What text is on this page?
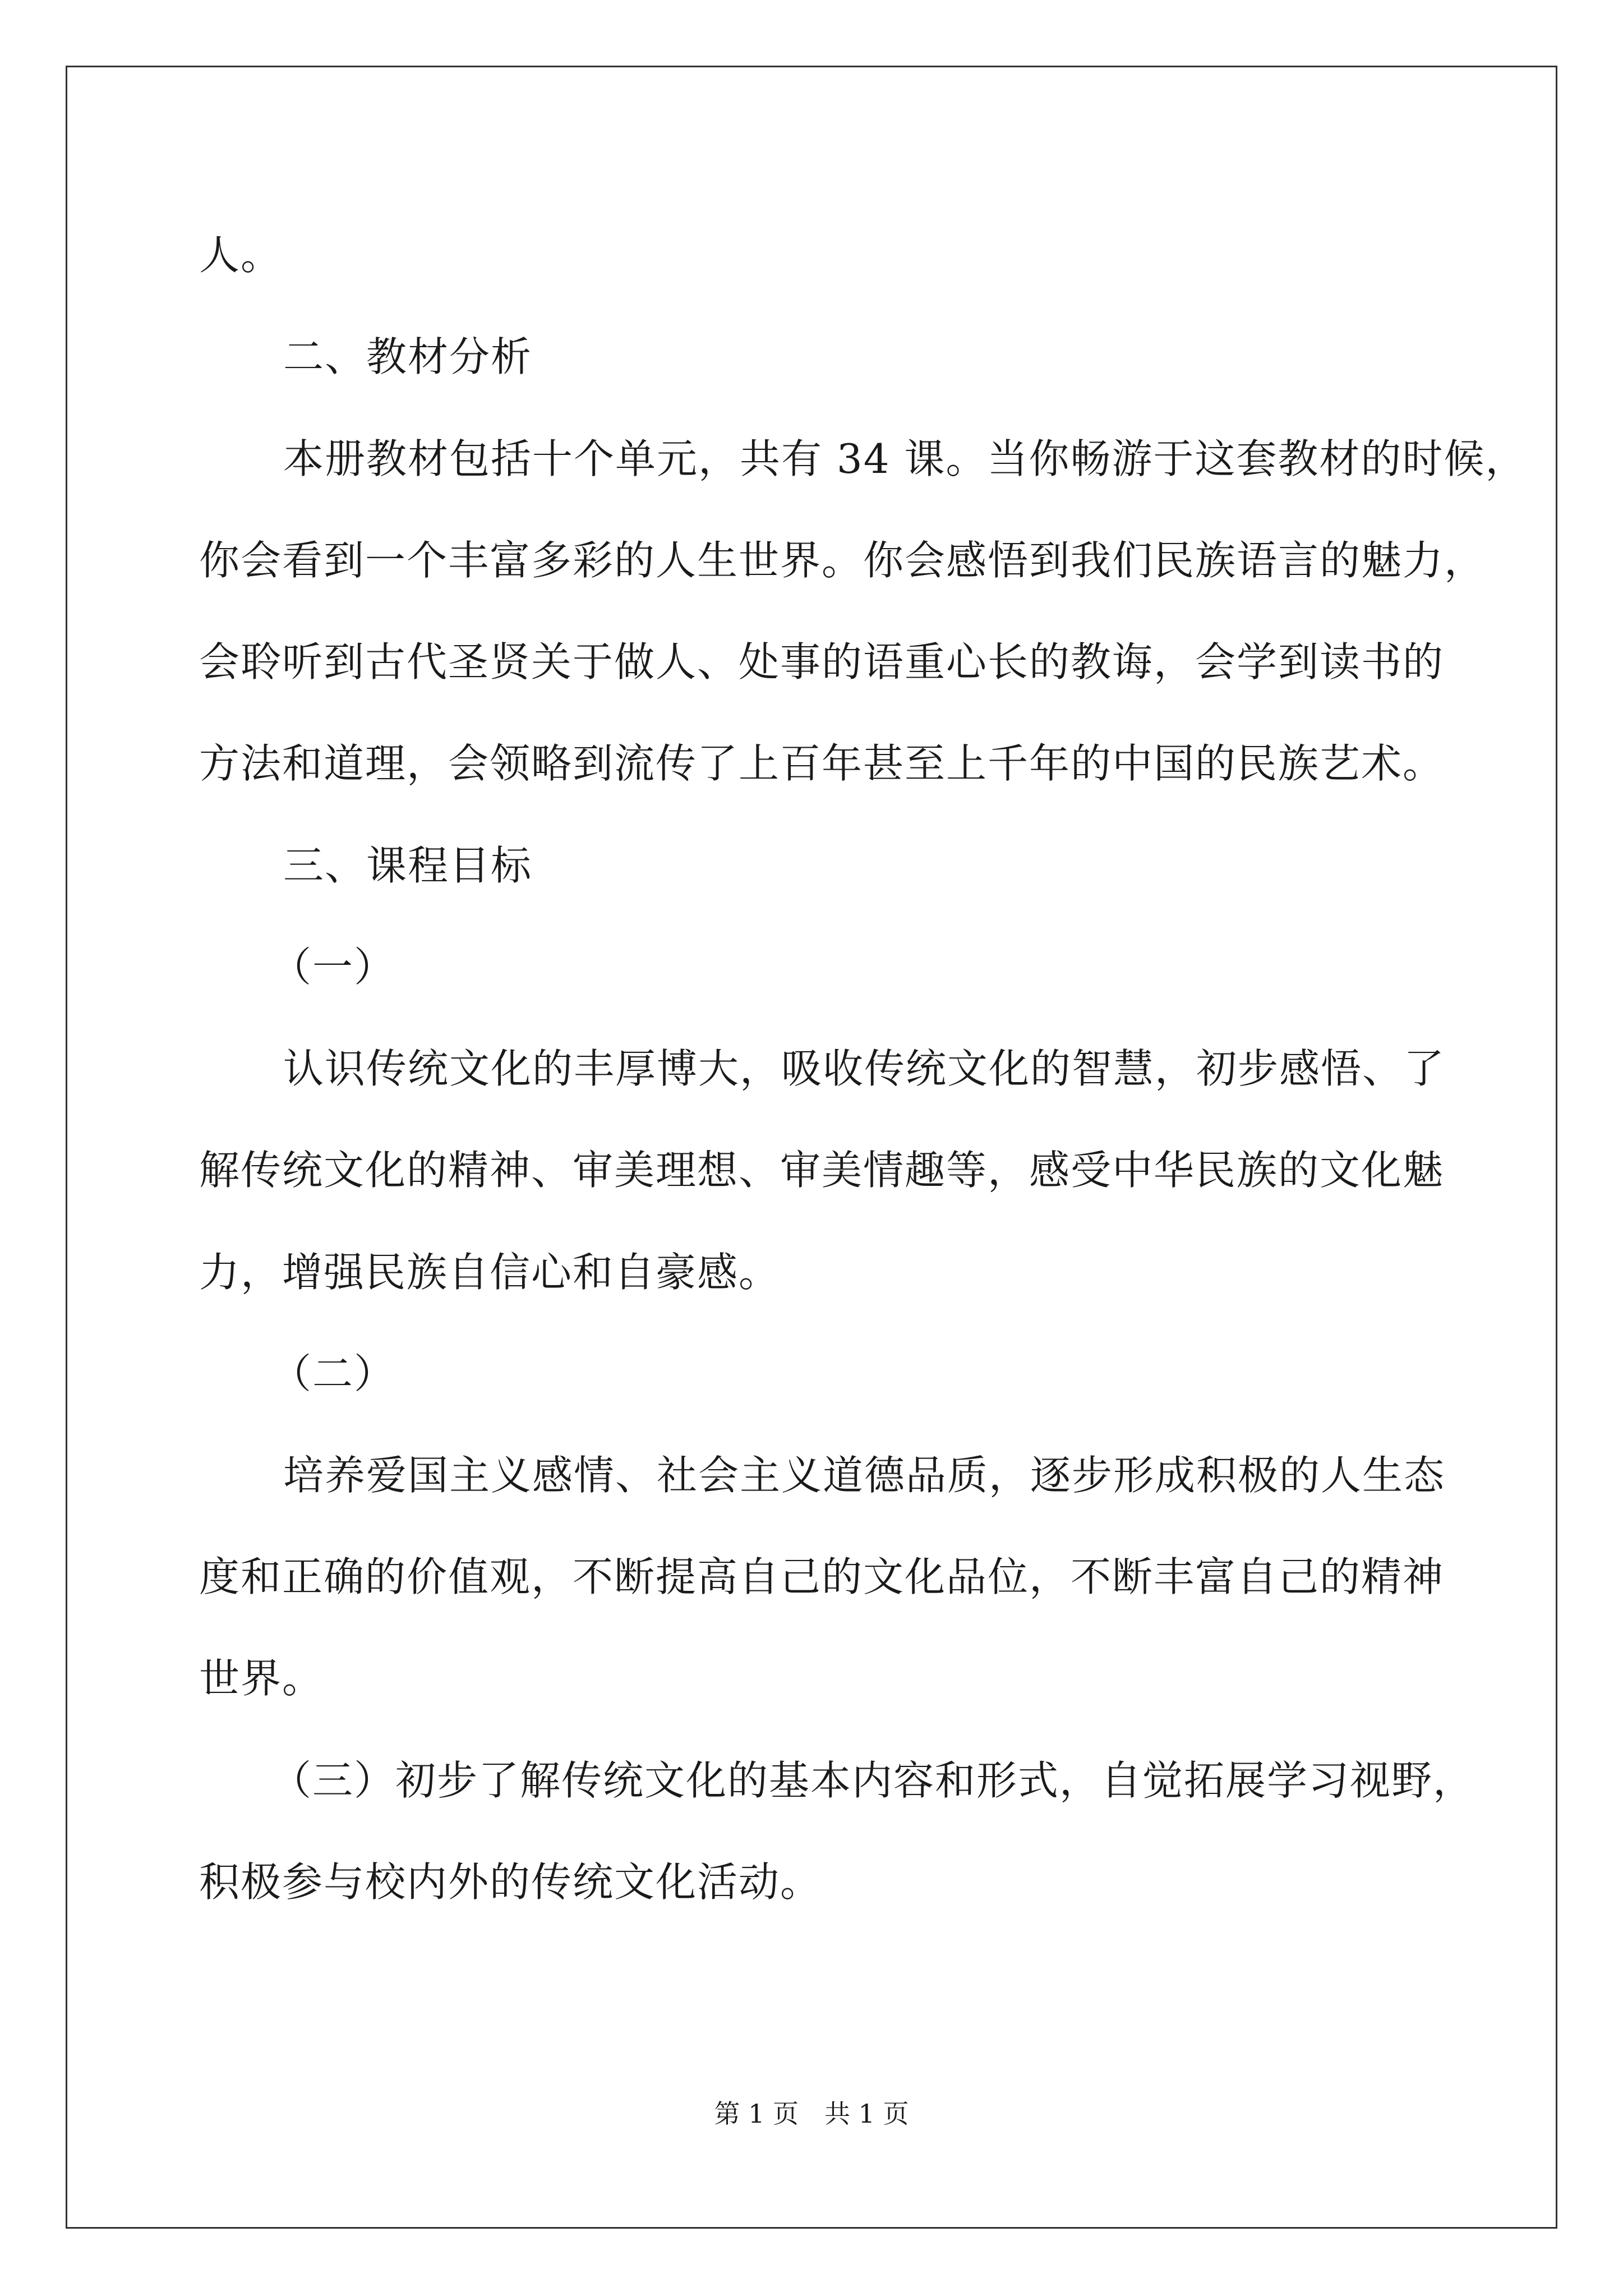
人。
二、教材分析
本册教材包括十个单元，共有 34 课。当你畅游于这套教材的时候，
你会看到一个丰富多彩的人生世界。你会感悟到我们民族语言的魅力，
会聆听到古代圣贤关于做人、处事的语重心长的教诲，会学到读书的
方法和道理，会领略到流传了上百年甚至上千年的中国的民族艺术。
三、课程目标
（一）
认识传统文化的丰厚博大，吸收传统文化的智慧，初步感悟、了
解传统文化的精神、审美理想、审美情趣等，感受中华民族的文化魅
力，增强民族自信心和自豪感。
（二）
培养爱国主义感情、社会主义道德品质，逐步形成积极的人生态
度和正确的价值观，不断提高自己的文化品位，不断丰富自己的精神
世界。
（三）初步了解传统文化的基本内容和形式，自觉拓展学习视野，
积极参与校内外的传统文化活动。
第 1 页　共 1 页
